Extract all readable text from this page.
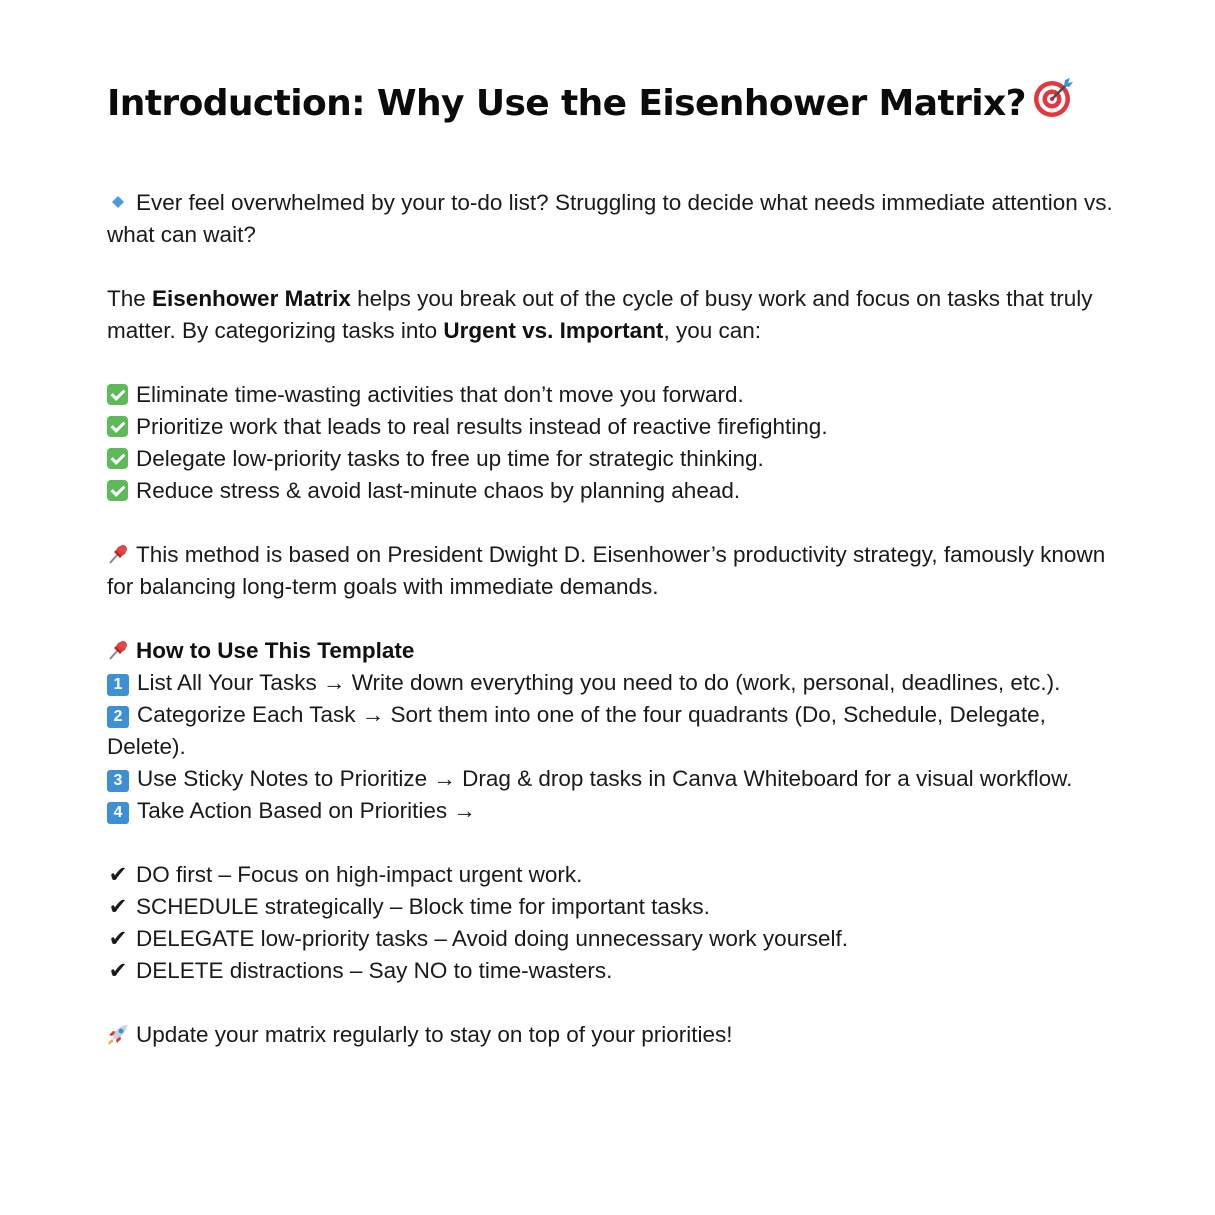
Introduction: Why Use the Eisenhower Matrix?

Ever feel overwhelmed by your to-do list? Struggling to decide what needs immediate attention vs. what can wait?

The Eisenhower Matrix helps you break out of the cycle of busy work and focus on tasks that truly matter. By categorizing tasks into Urgent vs. Important, you can:

Eliminate time-wasting activities that don’t move you forward.
Prioritize work that leads to real results instead of reactive firefighting.
Delegate low-priority tasks to free up time for strategic thinking.
Reduce stress & avoid last-minute chaos by planning ahead.

This method is based on President Dwight D. Eisenhower’s productivity strategy, famously known for balancing long-term goals with immediate demands.

How to Use This Template
1 List All Your Tasks → Write down everything you need to do (work, personal, deadlines, etc.).
2 Categorize Each Task → Sort them into one of the four quadrants (Do, Schedule, Delegate, Delete).
3 Use Sticky Notes to Prioritize → Drag & drop tasks in Canva Whiteboard for a visual workflow.
4 Take Action Based on Priorities →
✔ DO first – Focus on high-impact urgent work.
✔ SCHEDULE strategically – Block time for important tasks.
✔ DELEGATE low-priority tasks – Avoid doing unnecessary work yourself.
✔ DELETE distractions – Say NO to time-wasters.

Update your matrix regularly to stay on top of your priorities!
